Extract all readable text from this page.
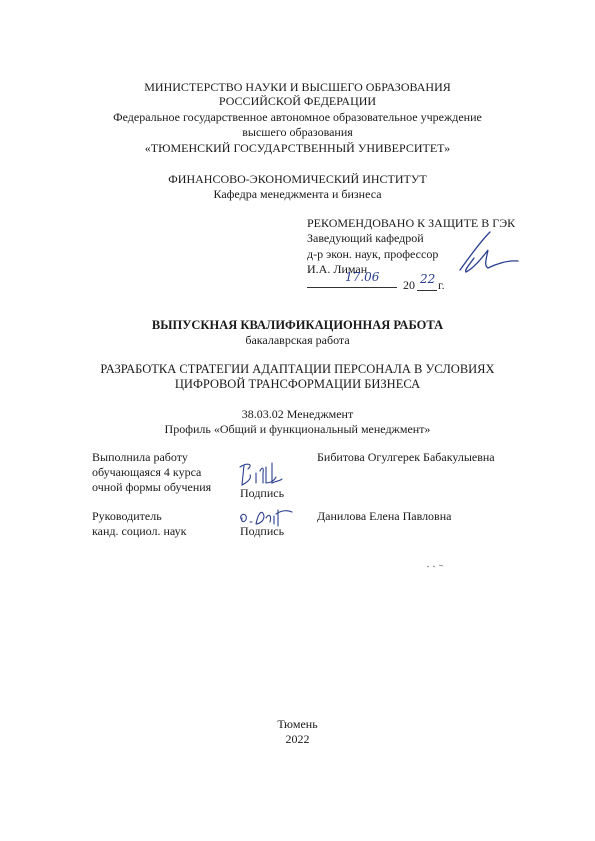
МИНИСТЕРСТВО НАУКИ И ВЫСШЕГО ОБРАЗОВАНИЯ
РОССИЙСКОЙ ФЕДЕРАЦИИ
Федеральное государственное автономное образовательное учреждение
высшего образования
«ТЮМЕНСКИЙ ГОСУДАРСТВЕННЫЙ УНИВЕРСИТЕТ»
ФИНАНСОВО-ЭКОНОМИЧЕСКИЙ ИНСТИТУТ
Кафедра менеджмента и бизнеса
РЕКОМЕНДОВАНО К ЗАЩИТЕ В ГЭК
Заведующий кафедрой
д-р экон. наук, профессор
И.А. Лиман
17.06
20 22 г.
ВЫПУСКНАЯ КВАЛИФИКАЦИОННАЯ РАБОТА
бакалаврская работа
РАЗРАБОТКА СТРАТЕГИИ АДАПТАЦИИ ПЕРСОНАЛА В УСЛОВИЯХ
ЦИФРОВОЙ ТРАНСФОРМАЦИИ БИЗНЕСА
38.03.02 Менеджмент
Профиль «Общий и функциональный менеджмент»
Выполнила работу
обучающаяся 4 курса
очной формы обучения Подпись
Бибитова Огулгерек Бабакулыевна
Руководитель
канд. социол. наук	Подпись
Данилова Елена Павловна
Тюмень
2022
